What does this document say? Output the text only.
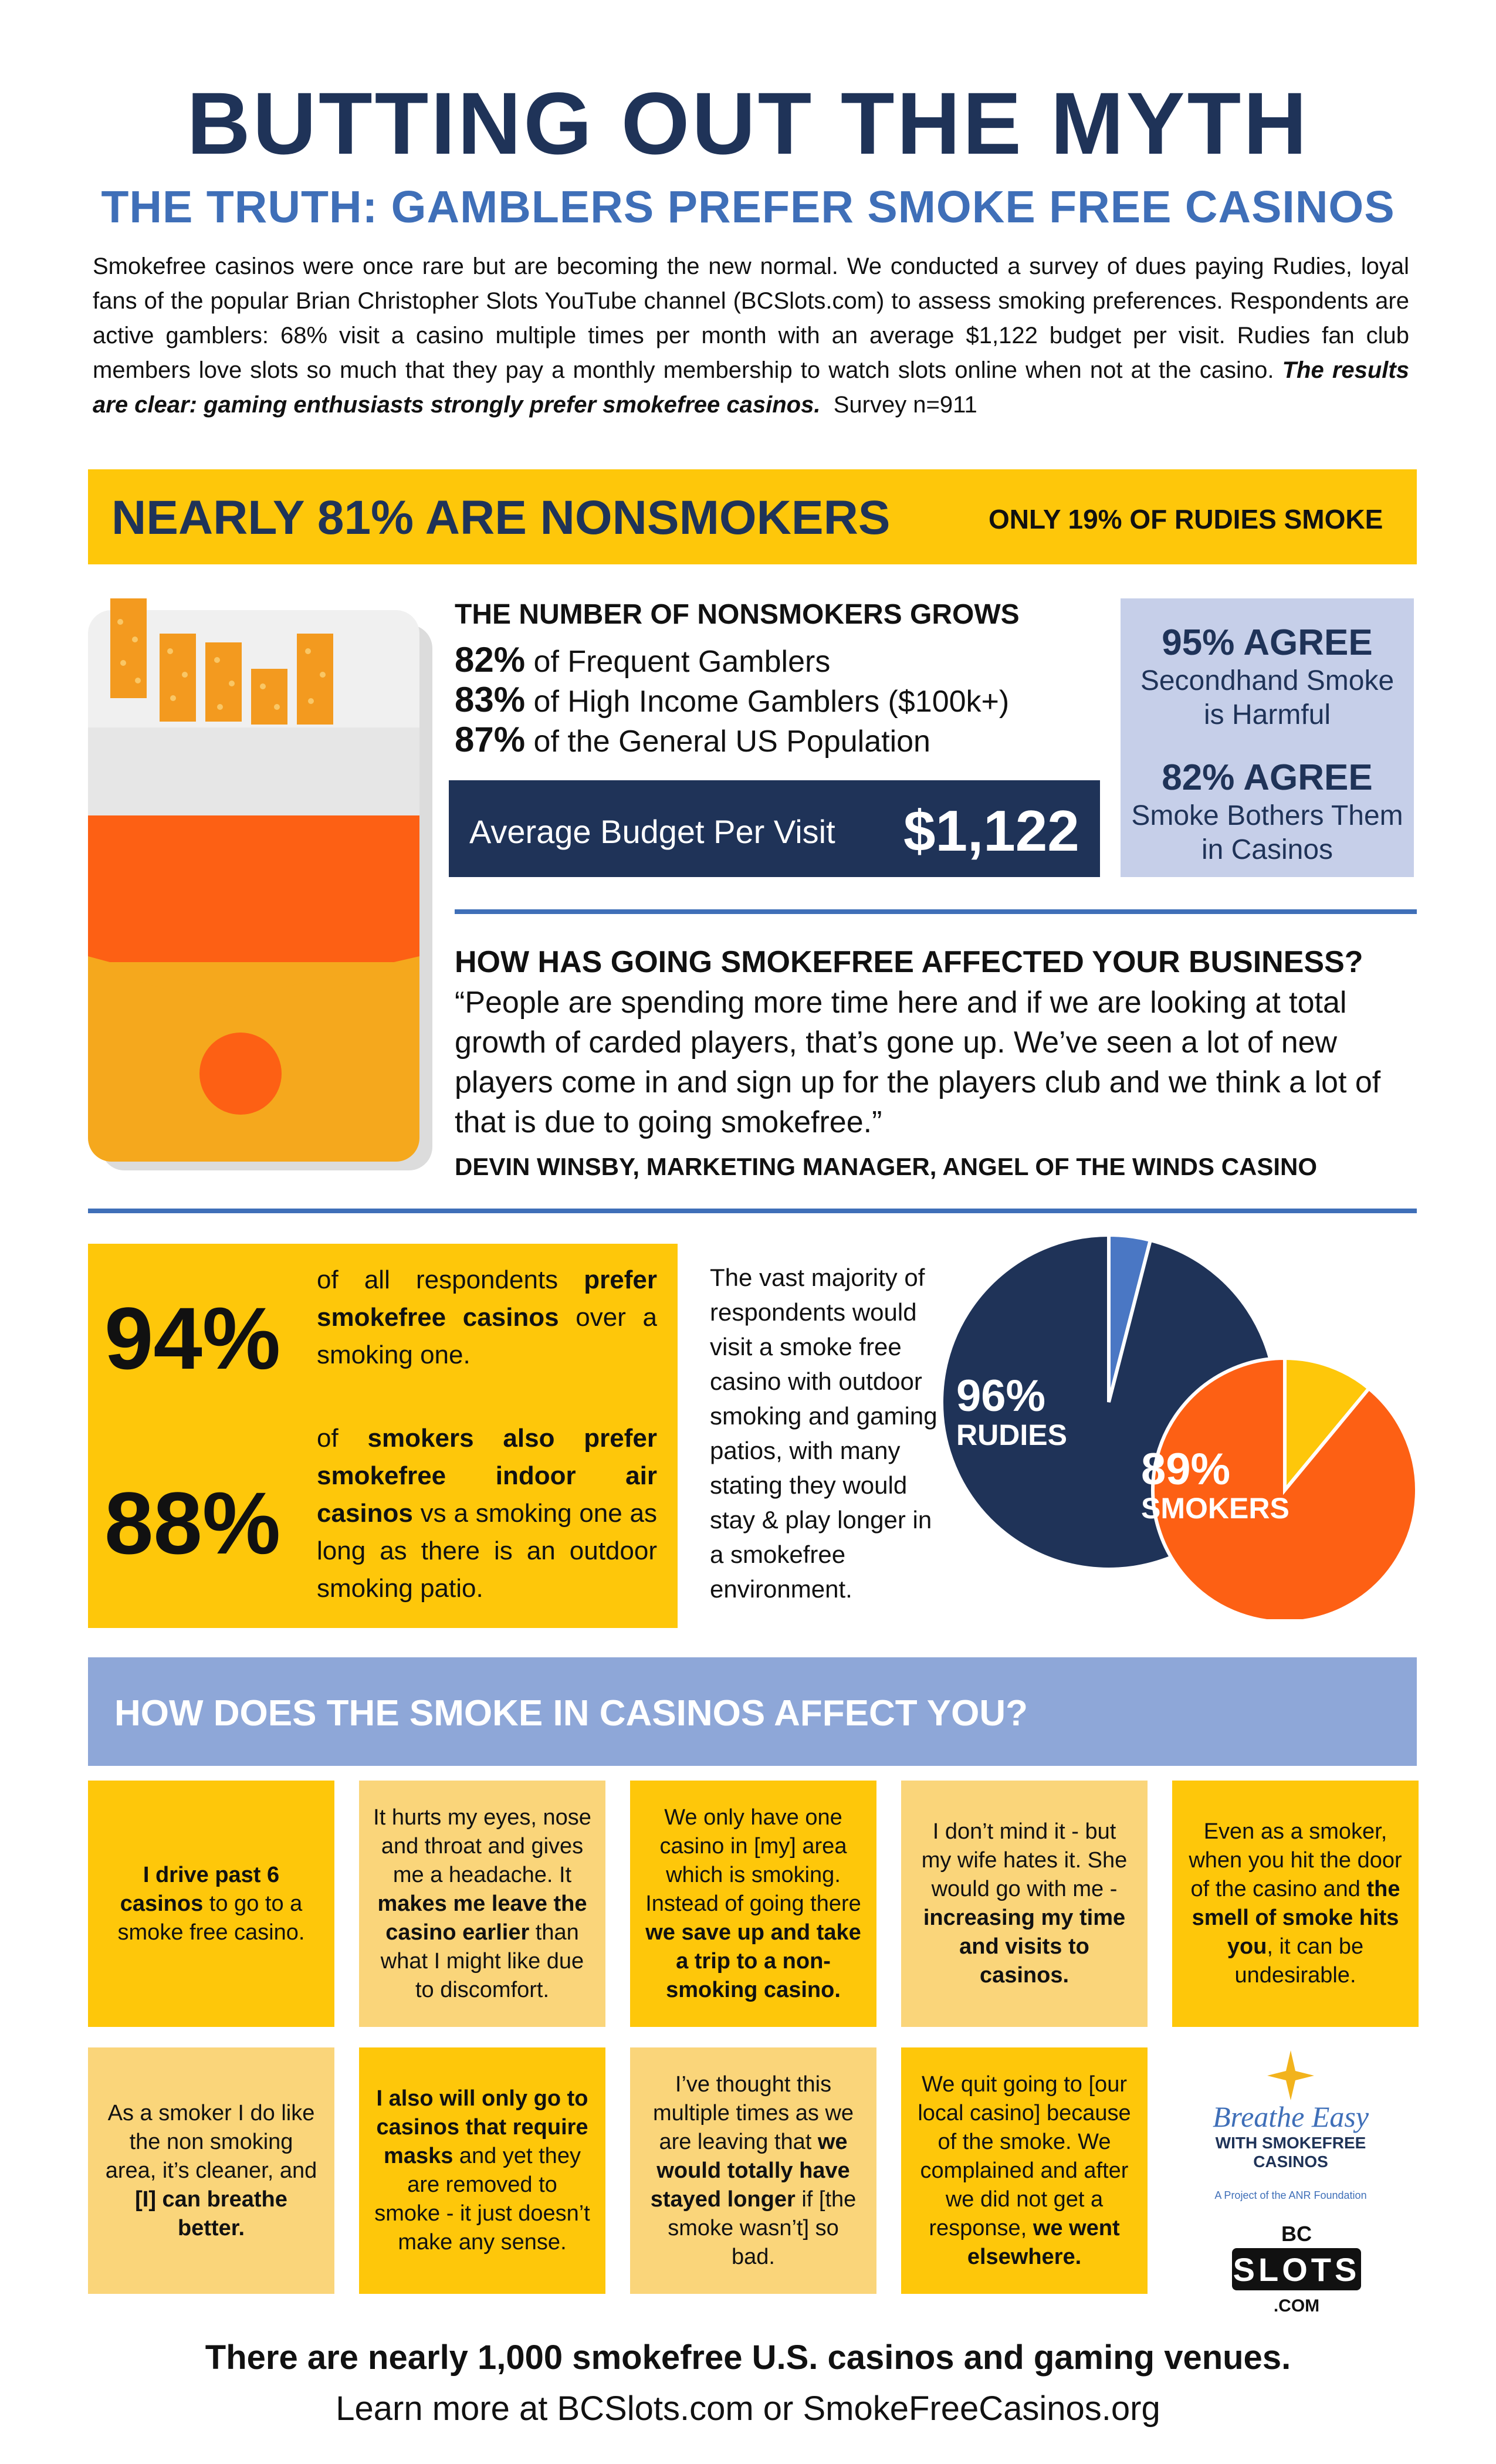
BUTTING OUT THE MYTH
THE TRUTH: GAMBLERS PREFER SMOKE FREE CASINOS
Smokefree casinos were once rare but are becoming the new normal. We conducted a survey of dues paying Rudies, loyal fans of the popular Brian Christopher Slots YouTube channel (BCSlots.com) to assess smoking preferences. Respondents are active gamblers: 68% visit a casino multiple times per month with an average $1,122 budget per visit. Rudies fan club members love slots so much that they pay a monthly membership to watch slots online when not at the casino. The results are clear: gaming enthusiasts strongly prefer smokefree casinos. Survey n=911
NEARLY 81% ARE NONSMOKERS	ONLY 19% OF RUDIES SMOKE
THE NUMBER OF NONSMOKERS GROWS
82% of Frequent Gamblers
83% of High Income Gamblers ($100k+)
87% of the General US Population
Average Budget Per Visit $1,122
95% AGREE
Secondhand Smoke
is Harmful
82% AGREE
Smoke Bothers Them
in Casinos
HOW HAS GOING SMOKEFREE AFFECTED YOUR BUSINESS?
“People are spending more time here and if we are looking at total growth of carded players, that’s gone up. We’ve seen a lot of new players come in and sign up for the players club and we think a lot of that is due to going smokefree.”
DEVIN WINSBY, MARKETING MANAGER, ANGEL OF THE WINDS CASINO
94%
of all respondents prefer smokefree casinos over a smoking one.
88%
of smokers also prefer smokefree indoor air casinos vs a smoking one as long as there is an outdoor smoking patio.
The vast majority of respondents would visit a smoke free casino with outdoor smoking and gaming patios, with many stating they would stay & play longer in a smokefree environment.
96%
RUDIES
89%
SMOKERS
HOW DOES THE SMOKE IN CASINOS AFFECT YOU?
Breathe Easy
WITH SMOKEFREE
CASINOS
A Project of the ANR Foundation
BC
SLOTS
.COM
There are nearly 1,000 smokefree U.S. casinos and gaming venues.
Learn more at BCSlots.com or SmokeFreeCasinos.org
I drive past 6 casinos to go to a smoke free casino.
It hurts my eyes, nose and throat and gives me a headache. It makes me leave the casino earlier than what I might like due to discomfort.
We only have one casino in [my] area which is smoking. Instead of going there we save up and take a trip to a non-smoking casino.
I don’t mind it - but my wife hates it. She would go with me - increasing my time and visits to casinos.
Even as a smoker, when you hit the door of the casino and the smell of smoke hits you, it can be undesirable.
As a smoker I do like the non smoking area, it’s cleaner, and [I] can breathe better.
I also will only go to casinos that require masks and yet they are removed to smoke - it just doesn’t make any sense.
I’ve thought this multiple times as we are leaving that we would totally have stayed longer if [the smoke wasn’t] so bad.
We quit going to [our local casino] because of the smoke. We complained and after we did not get a response, we went elsewhere.
